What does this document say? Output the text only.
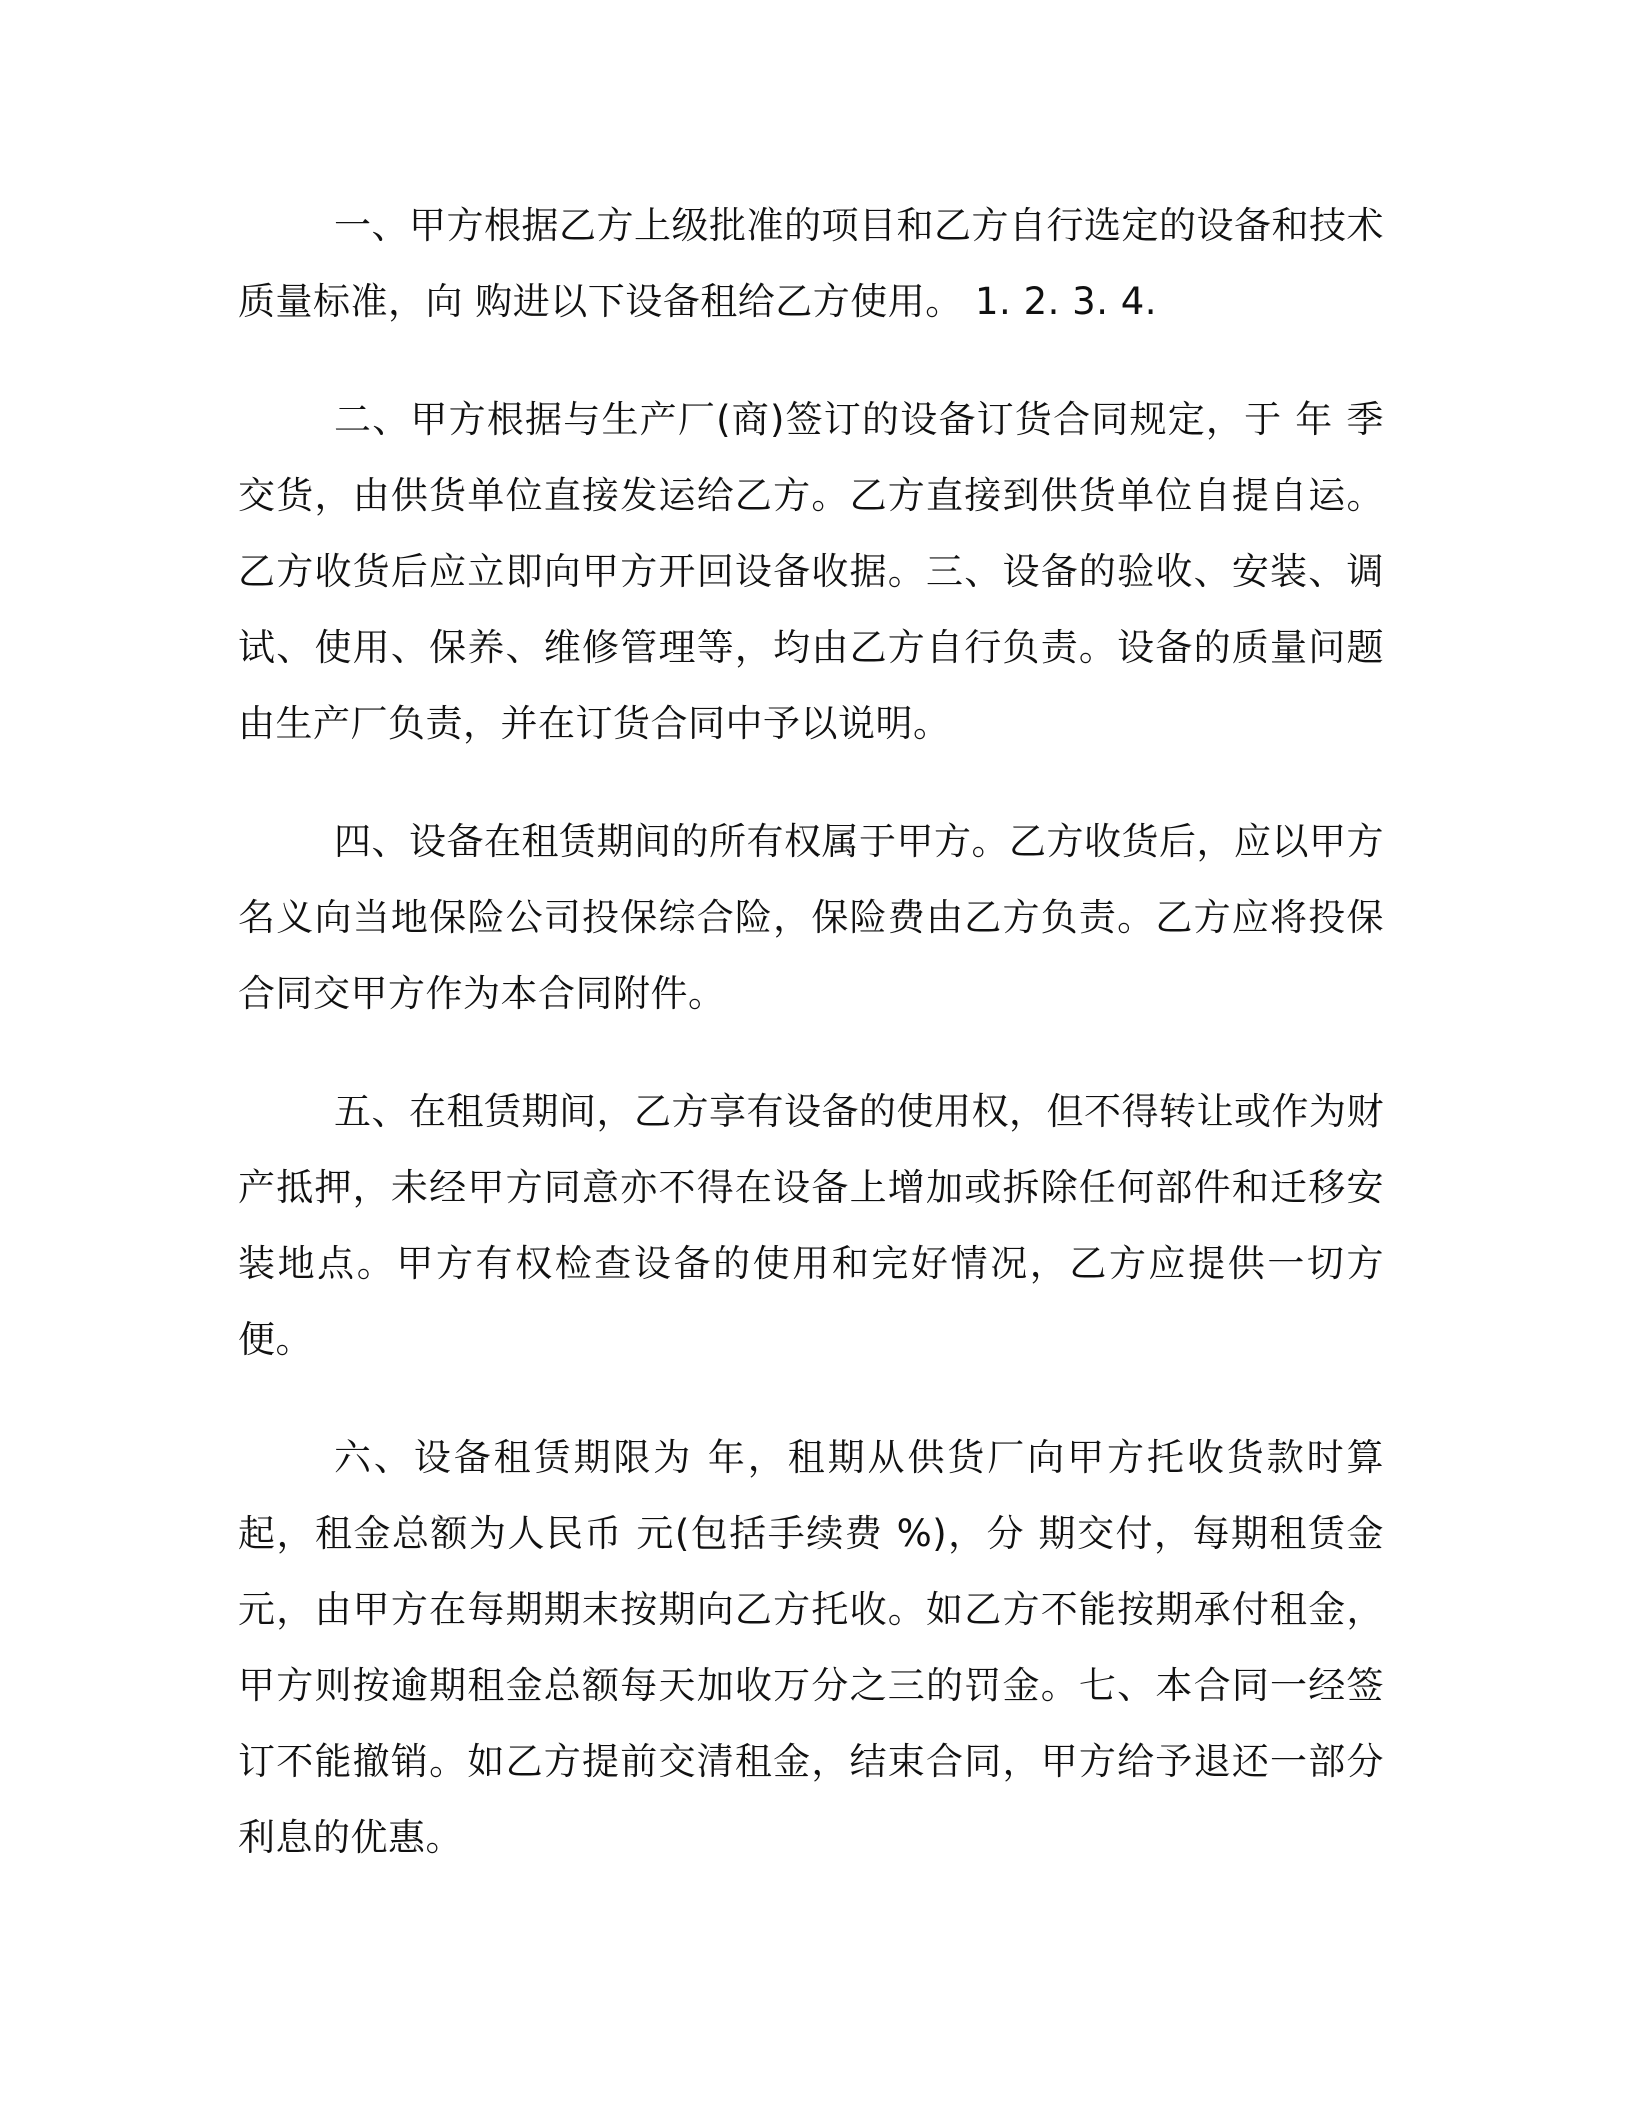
一、甲方根据乙方上级批准的项目和乙方自行选定的设备和技术质量标准，向 购进以下设备租给乙方使用。 1. 2. 3. 4.

二、甲方根据与生产厂(商)签订的设备订货合同规定，于 年 季交货，由供货单位直接发运给乙方。乙方直接到供货单位自提自运。乙方收货后应立即向甲方开回设备收据。三、设备的验收、安装、调试、使用、保养、维修管理等，均由乙方自行负责。设备的质量问题由生产厂负责，并在订货合同中予以说明。

四、设备在租赁期间的所有权属于甲方。乙方收货后，应以甲方名义向当地保险公司投保综合险，保险费由乙方负责。乙方应将投保合同交甲方作为本合同附件。

五、在租赁期间，乙方享有设备的使用权，但不得转让或作为财产抵押，未经甲方同意亦不得在设备上增加或拆除任何部件和迁移安装地点。甲方有权检查设备的使用和完好情况，乙方应提供一切方便。

六、设备租赁期限为 年，租期从供货厂向甲方托收货款时算起，租金总额为人民币 元(包括手续费 %)，分 期交付，每期租赁金 元，由甲方在每期期末按期向乙方托收。如乙方不能按期承付租金，甲方则按逾期租金总额每天加收万分之三的罚金。七、本合同一经签订不能撤销。如乙方提前交清租金，结束合同，甲方给予退还一部分利息的优惠。
